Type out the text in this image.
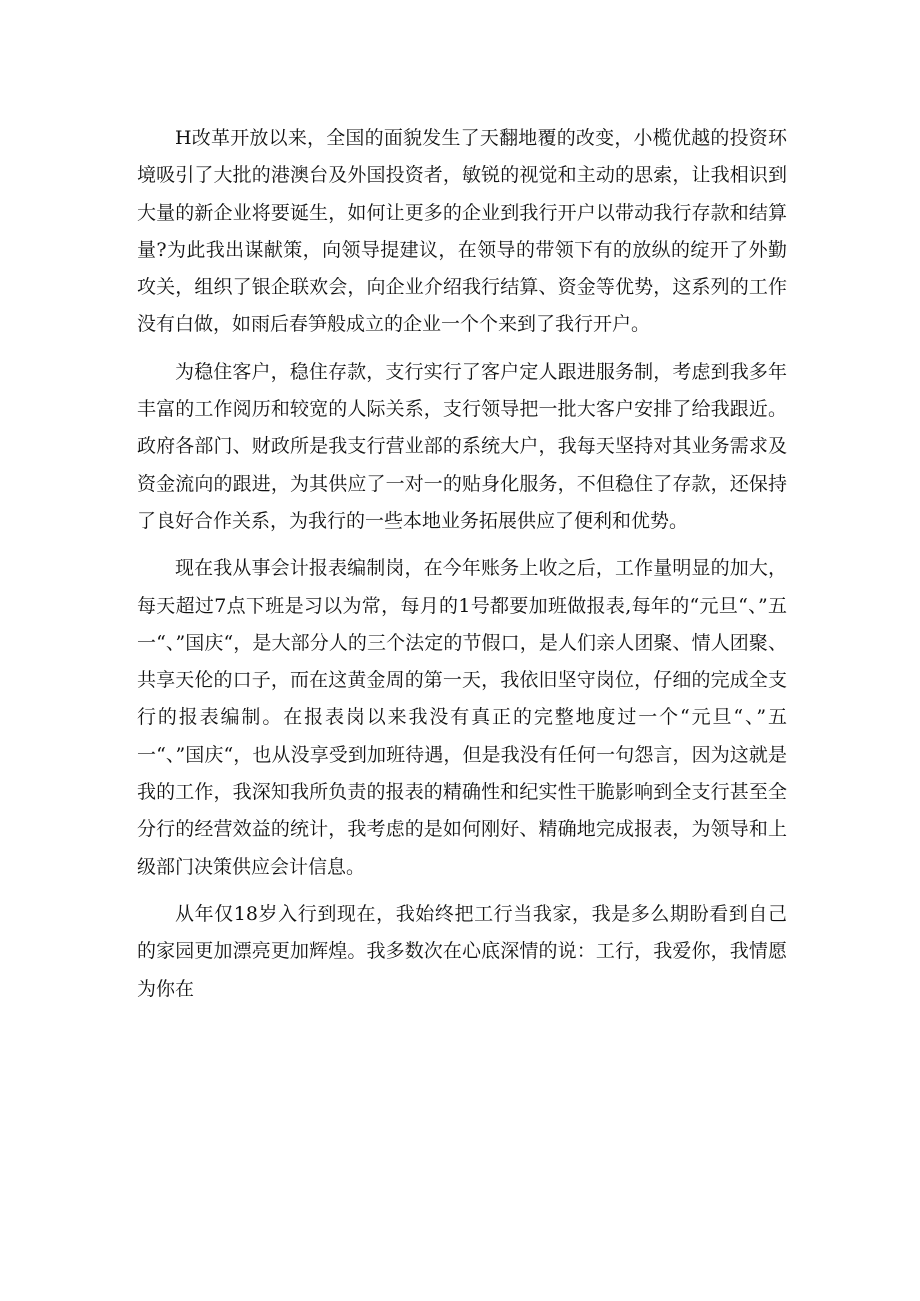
H改革开放以来，全国的面貌发生了天翻地覆的改变，小榄优越的投资环境吸引了大批的港澳台及外国投资者，敏锐的视觉和主动的思索，让我相识到大量的新企业将要诞生，如何让更多的企业到我行开户以带动我行存款和结算量?为此我出谋献策，向领导提建议，在领导的带领下有的放纵的绽开了外勤攻关，组织了银企联欢会，向企业介绍我行结算、资金等优势，这系列的工作没有白做，如雨后春笋般成立的企业一个个来到了我行开户。

为稳住客户，稳住存款，支行实行了客户定人跟进服务制，考虑到我多年丰富的工作阅历和较宽的人际关系，支行领导把一批大客户安排了给我跟近。政府各部门、财政所是我支行营业部的系统大户，我每天坚持对其业务需求及资金流向的跟进，为其供应了一对一的贴身化服务，不但稳住了存款，还保持了良好合作关系，为我行的一些本地业务拓展供应了便利和优势。

现在我从事会计报表编制岗，在今年账务上收之后，工作量明显的加大，每天超过7点下班是习以为常，每月的1号都要加班做报表,每年的“元旦“、”五一“、”国庆“，是大部分人的三个法定的节假口，是人们亲人团聚、情人团聚、共享天伦的口子，而在这黄金周的第一天，我依旧坚守岗位，仔细的完成全支行的报表编制。在报表岗以来我没有真正的完整地度过一个“元旦“、”五一“、”国庆“，也从没享受到加班待遇，但是我没有任何一句怨言，因为这就是我的工作，我深知我所负责的报表的精确性和纪实性干脆影响到全支行甚至全分行的经营效益的统计，我考虑的是如何刚好、精确地完成报表，为领导和上级部门决策供应会计信息。

从年仅18岁入行到现在，我始终把工行当我家，我是多么期盼看到自己的家园更加漂亮更加辉煌。我多数次在心底深情的说：工行，我爱你，我情愿为你在
